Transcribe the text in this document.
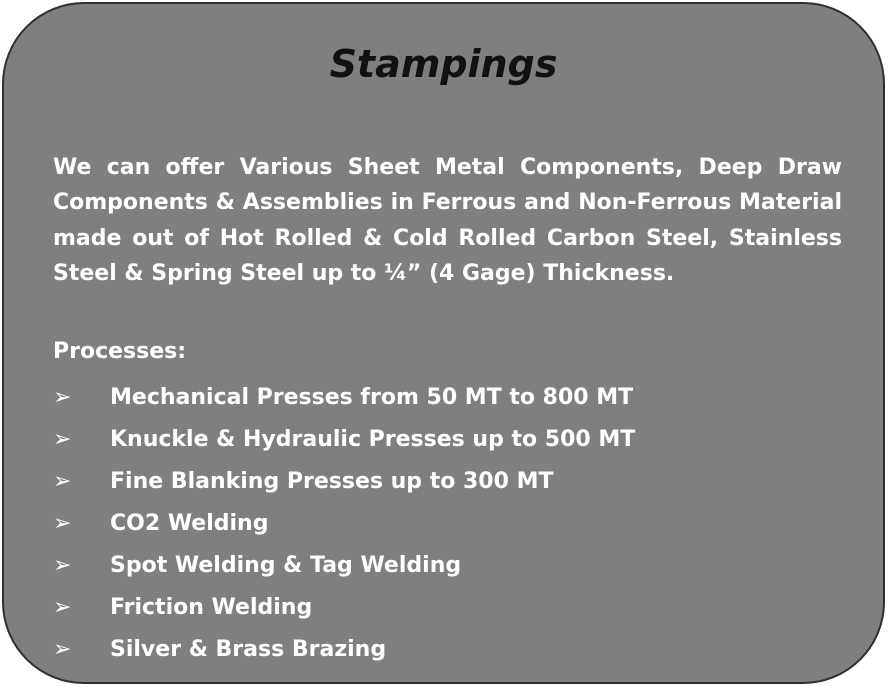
Stampings

We can offer Various Sheet Metal Components, Deep Draw Components & Assemblies in Ferrous and Non-Ferrous Material made out of Hot Rolled & Cold Rolled Carbon Steel, Stainless Steel & Spring Steel up to ¼” (4 Gage) Thickness.

Processes:

➢	Mechanical Presses from 50 MT to 800 MT
➢	Knuckle & Hydraulic Presses up to 500 MT
➢	Fine Blanking Presses up to 300 MT
➢	CO2 Welding
➢	Spot Welding & Tag Welding
➢	Friction Welding
➢	Silver & Brass Brazing
